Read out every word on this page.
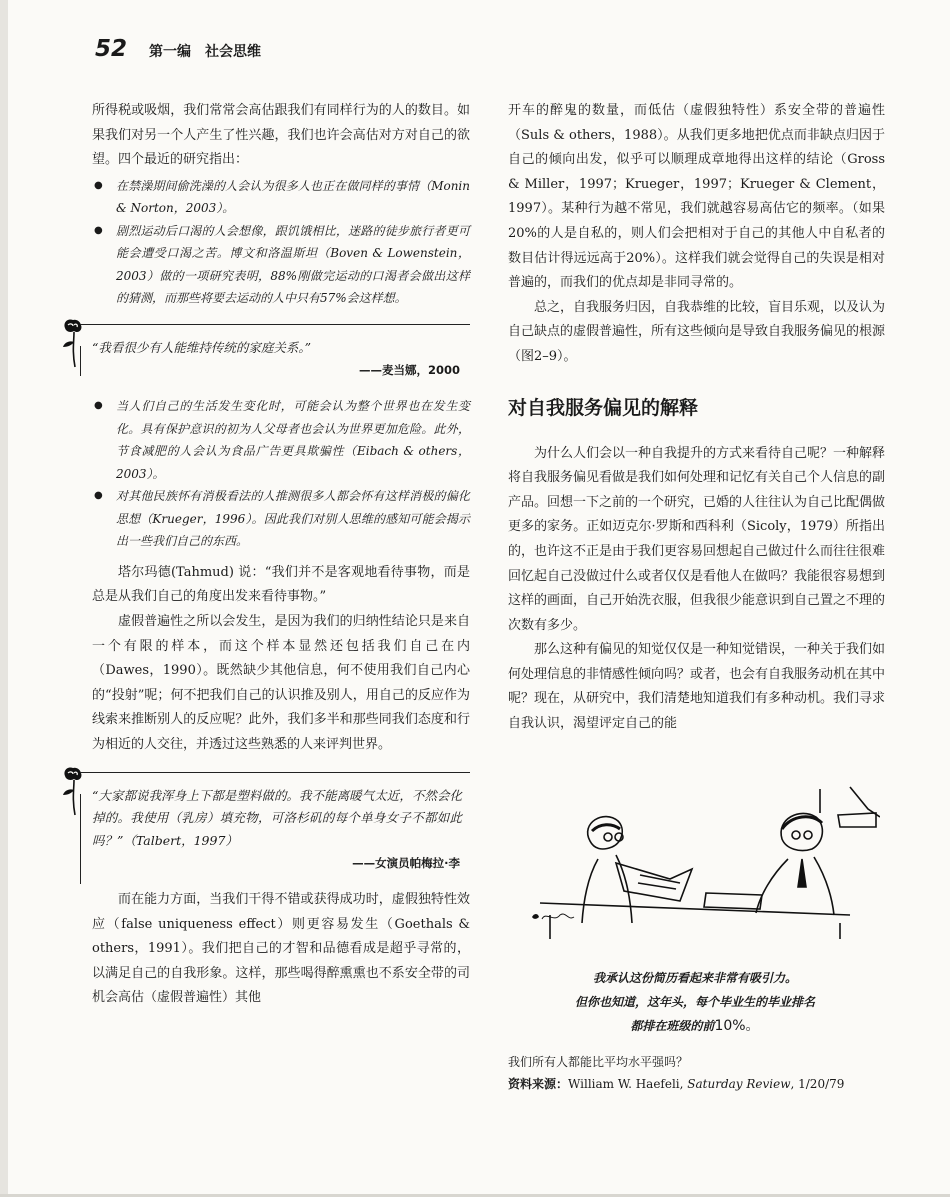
52 第一编　社会思维

所得税或吸烟，我们常常会高估跟我们有同样行为的人的数目。如果我们对另一个人产生了性兴趣，我们也许会高估对方对自己的欲望。四个最近的研究指出：

● 在禁澡期间偷洗澡的人会认为很多人也正在做同样的事情（Monin & Norton，2003）。
● 剧烈运动后口渴的人会想像，跟饥饿相比，迷路的徒步旅行者更可能会遭受口渴之苦。博文和洛温斯坦（Boven & Lowenstein，2003）做的一项研究表明，88%刚做完运动的口渴者会做出这样的猜测，而那些将要去运动的人中只有57%会这样想。
“我看很少有人能维持传统的家庭关系。”
——麦当娜，2000
● 当人们自己的生活发生变化时，可能会认为整个世界也在发生变化。具有保护意识的初为人父母者也会认为世界更加危险。此外，节食减肥的人会认为食品广告更具欺骗性（Eibach & others，2003）。
● 对其他民族怀有消极看法的人推测很多人都会怀有这样消极的偏化思想（Krueger，1996）。因此我们对别人思维的感知可能会揭示出一些我们自己的东西。

塔尔玛德(Tahmud) 说：“我们并不是客观地看待事物，而是总是从我们自己的角度出发来看待事物。”

虚假普遍性之所以会发生，是因为我们的归纳性结论只是来自一个有限的样本，而这个样本显然还包括我们自己在内（Dawes，1990）。既然缺少其他信息，何不使用我们自己内心的“投射”呢；何不把我们自己的认识推及别人，用自己的反应作为线索来推断别人的反应呢？此外，我们多半和那些同我们态度和行为相近的人交往，并透过这些熟悉的人来评判世界。

“大家都说我浑身上下都是塑料做的。我不能离暖气太近，不然会化掉的。我使用（乳房）填充物，可洛杉矶的每个单身女子不都如此吗？”（Talbert，1997）
——女演员帕梅拉·李

而在能力方面，当我们干得不错或获得成功时，虚假独特性效应（false uniqueness effect）则更容易发生（Goethals & others，1991）。我们把自己的才智和品德看成是超乎寻常的，以满足自己的自我形象。这样，那些喝得醉熏熏也不系安全带的司机会高估（虚假普遍性）其他

开车的醉鬼的数量，而低估（虚假独特性）系安全带的普遍性（Suls & others，1988）。从我们更多地把优点而非缺点归因于自己的倾向出发，似乎可以顺理成章地得出这样的结论（Gross & Miller，1997；Krueger，1997；Krueger & Clement，1997）。某种行为越不常见，我们就越容易高估它的频率。（如果20%的人是自私的，则人们会把相对于自己的其他人中自私者的数目估计得远远高于20%）。这样我们就会觉得自己的失误是相对普遍的，而我们的优点却是非同寻常的。

总之，自我服务归因，自我恭维的比较，盲目乐观，以及认为自己缺点的虚假普遍性，所有这些倾向是导致自我服务偏见的根源（图2–9）。

对自我服务偏见的解释

为什么人们会以一种自我提升的方式来看待自己呢？一种解释将自我服务偏见看做是我们如何处理和记忆有关自己个人信息的副产品。回想一下之前的一个研究，已婚的人往往认为自己比配偶做更多的家务。正如迈克尔·罗斯和西科利（Sicoly，1979）所指出的，也许这不正是由于我们更容易回想起自己做过什么而往往很难回忆起自己没做过什么或者仅仅是看他人在做吗？我能很容易想到这样的画面，自己开始洗衣服，但我很少能意识到自己置之不理的次数有多少。

那么这种有偏见的知觉仅仅是一种知觉错误，一种关于我们如何处理信息的非情感性倾向吗？或者，也会有自我服务动机在其中呢？现在，从研究中，我们清楚地知道我们有多种动机。我们寻求自我认识，渴望评定自己的能

我承认这份简历看起来非常有吸引力。
但你也知道，这年头，每个毕业生的毕业排名
都排在班级的前10%。
我们所有人都能比平均水平强吗？
资料来源：William W. Haefeli, Saturday Review, 1/20/79
